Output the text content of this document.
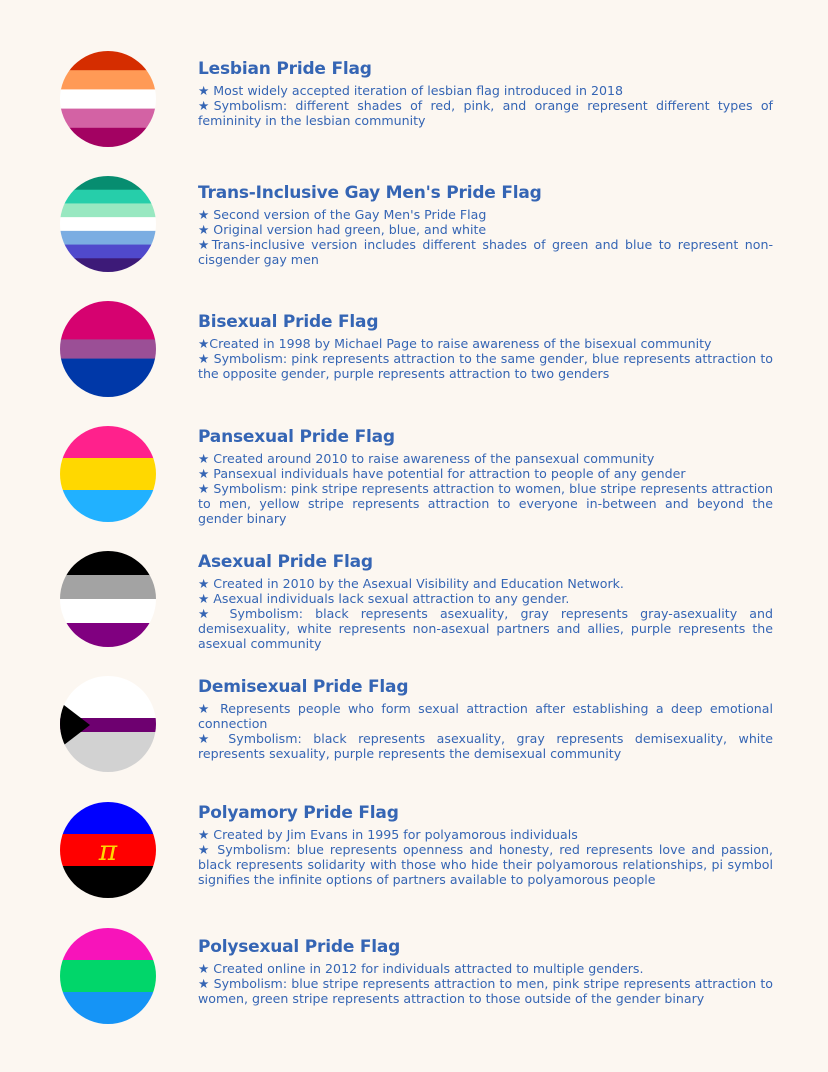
Lesbian Pride Flag

★ Most widely accepted iteration of lesbian flag introduced in 2018

★Symbolism: different shades of red, pink, and orange represent different types of femininity in the lesbian community

Trans-Inclusive Gay Men's Pride Flag

★ Second version of the Gay Men's Pride Flag

★ Original version had green, blue, and white

★Trans-inclusive version includes different shades of green and blue to represent non-cisgender gay men

Bisexual Pride Flag

★Created in 1998 by Michael Page to raise awareness of the bisexual community

★ Symbolism: pink represents attraction to the same gender, blue represents attraction to the opposite gender, purple represents attraction to two genders

Pansexual Pride Flag

★ Created around 2010 to raise awareness of the pansexual community

★ Pansexual individuals have potential for attraction to people of any gender

★ Symbolism: pink stripe represents attraction to women, blue stripe represents attraction to men, yellow stripe represents attraction to everyone in-between and beyond the gender binary

Asexual Pride Flag

★ Created in 2010 by the Asexual Visibility and Education Network.

★ Asexual individuals lack sexual attraction to any gender.

★ Symbolism: black represents asexuality, gray represents gray-asexuality and demisexuality, white represents non-asexual partners and allies, purple represents the asexual community

Demisexual Pride Flag

★ Represents people who form sexual attraction after establishing a deep emotional connection

★ Symbolism: black represents asexuality, gray represents demisexuality, white represents sexuality, purple represents the demisexual community

π
Polyamory Pride Flag

★ Created by Jim Evans in 1995 for polyamorous individuals

★ Symbolism: blue represents openness and honesty, red represents love and passion, black represents solidarity with those who hide their polyamorous relationships, pi symbol signifies the infinite options of partners available to polyamorous people

Polysexual Pride Flag

★ Created online in 2012 for individuals attracted to multiple genders.

★ Symbolism: blue stripe represents attraction to men, pink stripe represents attraction to women, green stripe represents attraction to those outside of the gender binary
